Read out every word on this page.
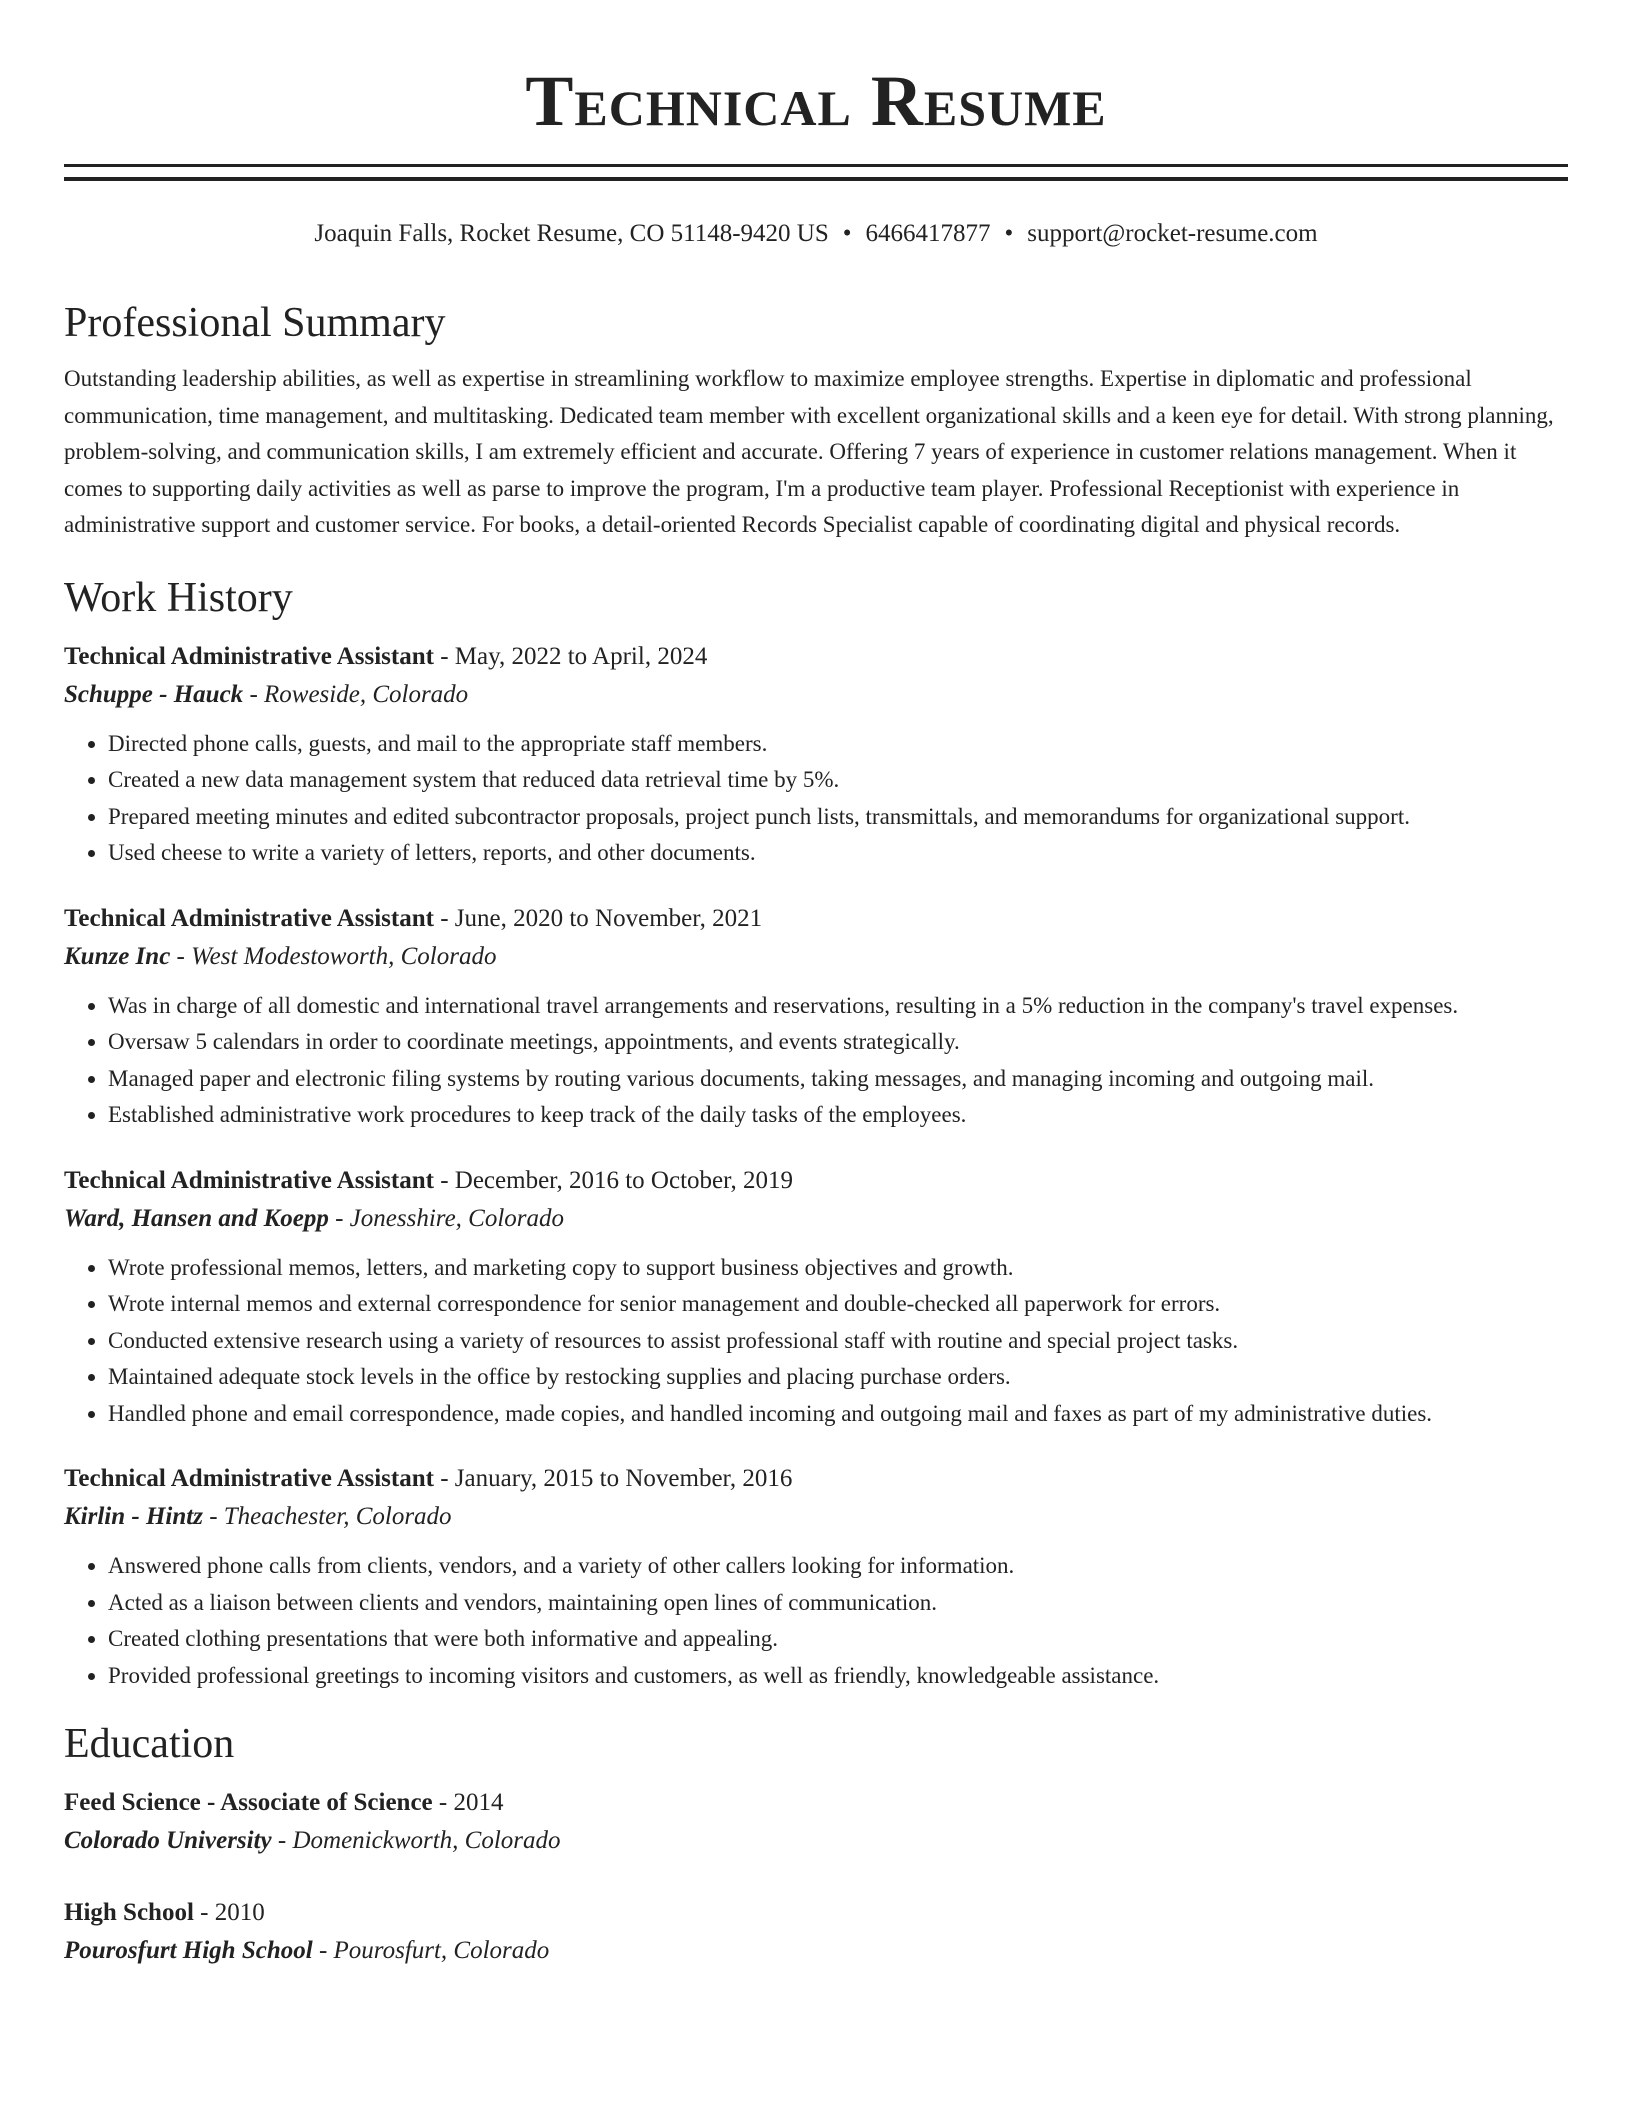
Technical Resume
Joaquin Falls, Rocket Resume, CO 51148-9420 US • 6466417877 • support@rocket-resume.com
Professional Summary
Outstanding leadership abilities, as well as expertise in streamlining workflow to maximize employee strengths. Expertise in diplomatic and professional communication, time management, and multitasking. Dedicated team member with excellent organizational skills and a keen eye for detail. With strong planning, problem-solving, and communication skills, I am extremely efficient and accurate. Offering 7 years of experience in customer relations management. When it comes to supporting daily activities as well as parse to improve the program, I'm a productive team player. Professional Receptionist with experience in administrative support and customer service. For books, a detail-oriented Records Specialist capable of coordinating digital and physical records.
Work History
Technical Administrative Assistant - May, 2022 to April, 2024
Schuppe - Hauck - Roweside, Colorado
• Directed phone calls, guests, and mail to the appropriate staff members.
• Created a new data management system that reduced data retrieval time by 5%.
• Prepared meeting minutes and edited subcontractor proposals, project punch lists, transmittals, and memorandums for organizational support.
• Used cheese to write a variety of letters, reports, and other documents.
Technical Administrative Assistant - June, 2020 to November, 2021
Kunze Inc - West Modestoworth, Colorado
• Was in charge of all domestic and international travel arrangements and reservations, resulting in a 5% reduction in the company's travel expenses.
• Oversaw 5 calendars in order to coordinate meetings, appointments, and events strategically.
• Managed paper and electronic filing systems by routing various documents, taking messages, and managing incoming and outgoing mail.
• Established administrative work procedures to keep track of the daily tasks of the employees.
Technical Administrative Assistant - December, 2016 to October, 2019
Ward, Hansen and Koepp - Jonesshire, Colorado
• Wrote professional memos, letters, and marketing copy to support business objectives and growth.
• Wrote internal memos and external correspondence for senior management and double-checked all paperwork for errors.
• Conducted extensive research using a variety of resources to assist professional staff with routine and special project tasks.
• Maintained adequate stock levels in the office by restocking supplies and placing purchase orders.
• Handled phone and email correspondence, made copies, and handled incoming and outgoing mail and faxes as part of my administrative duties.
Technical Administrative Assistant - January, 2015 to November, 2016
Kirlin - Hintz - Theachester, Colorado
• Answered phone calls from clients, vendors, and a variety of other callers looking for information.
• Acted as a liaison between clients and vendors, maintaining open lines of communication.
• Created clothing presentations that were both informative and appealing.
• Provided professional greetings to incoming visitors and customers, as well as friendly, knowledgeable assistance.
Education
Feed Science - Associate of Science - 2014
Colorado University - Domenickworth, Colorado
High School - 2010
Pourosfurt High School - Pourosfurt, Colorado
